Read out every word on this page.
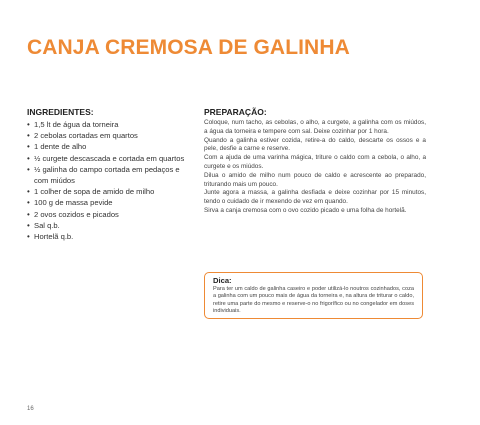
CANJA CREMOSA DE GALINHA
INGREDIENTES:
• 1,5 lt de água da torneira
• 2 cebolas cortadas em quartos
• 1 dente de alho
• ½ curgete descascada e cortada em quartos
• ½ galinha do campo cortada em pedaços e com miúdos
• 1 colher de sopa de amido de milho
• 100 g de massa pevide
• 2 ovos cozidos e picados
• Sal q.b.
• Hortelã q.b.
PREPARAÇÃO:

Coloque, num tacho, as cebolas, o alho, a curgete, a galinha com os miúdos, a água da torneira e tempere com sal. Deixe cozinhar por 1 hora.

Quando a galinha estiver cozida, retire-a do caldo, descarte os ossos e a pele, desfie a carne e reserve.

Com a ajuda de uma varinha mágica, triture o caldo com a cebola, o alho, a curgete e os miúdos.

Dilua o amido de milho num pouco de caldo e acrescente ao preparado, triturando mais um pouco.

Junte agora a massa, a galinha desfiada e deixe cozinhar por 15 minutos, tendo o cuidado de ir mexendo de vez em quando.

Sirva a canja cremosa com o ovo cozido picado e uma folha de hortelã.

Dica:

Para ter um caldo de galinha caseiro e poder utilizá-lo noutros cozinhados, coza a galinha com um pouco mais de água da torneira e, na altura de triturar o caldo, retire uma parte do mesmo e reserve-o no frigorífico ou no congelador em doses individuais.

16
